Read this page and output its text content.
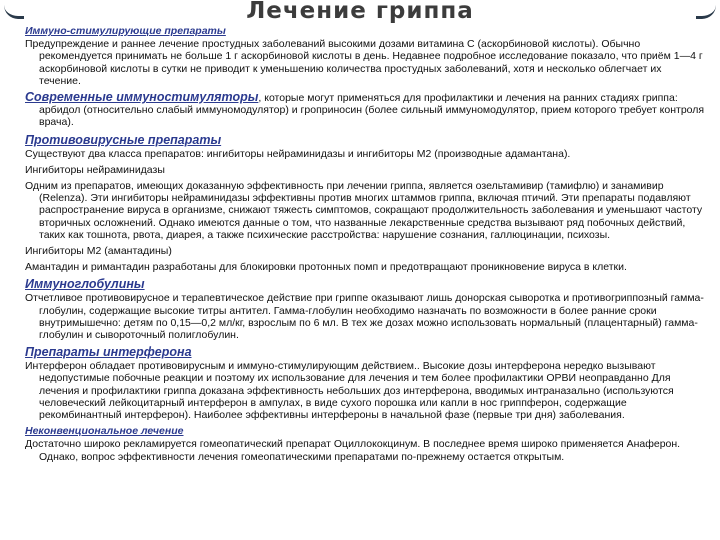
Лечение гриппа
Иммуно-стимулирующие препараты

Предупреждение и раннее лечение простудных заболеваний высокими дозами витамина С (аскорбиновой кислоты). Обычно рекомендуется принимать не больше 1 г аскорбиновой кислоты в день. Недавнее подробное исследование показало, что приём 1—4 г аскорбиновой кислоты в сутки не приводит к уменьшению количества простудных заболеваний, хотя и несколько облегчает их течение.

Современные иммуностимуляторы, которые могут применяться для профилактики и лечения на ранних стадиях гриппа: арбидол (относительно слабый иммуномодулятор) и гроприносин (более сильный иммуномодулятор, прием которого требует контроля врача).

Противовирусные препараты

Существуют два класса препаратов: ингибиторы нейраминидазы и ингибиторы М2 (производные адамантана).

Ингибиторы нейраминидазы

Одним из препаратов, имеющих доказанную эффективность при лечении гриппа, является озельтамивир (тамифлю) и занамивир (Relenza). Эти ингибиторы нейраминидазы эффективны против многих штаммов гриппа, включая птичий. Эти препараты подавляют распространение вируса в организме, снижают тяжесть симптомов, сокращают продолжительность заболевания и уменьшают частоту вторичных осложнений. Однако имеются данные о том, что названные лекарственные средства вызывают ряд побочных действий, таких как тошнота, рвота, диарея, а также психические расстройства: нарушение сознания, галлюцинации, психозы.

Ингибиторы М2 (амантадины)

Амантадин и римантадин разработаны для блокировки протонных помп и предотвращают проникновение вируса в клетки.

Иммуноглобулины

Отчетливое противовирусное и терапевтическое действие при гриппе оказывают лишь донорская сыворотка и противогриппозный гамма-глобулин, содержащие высокие титры антител. Гамма-глобулин необходимо назначать по возможности в более ранние сроки внутримышечно: детям по 0,15—0,2 мл/кг, взрослым по 6 мл. В тех же дозах можно использовать нормальный (плацентарный) гамма-глобулин и сывороточный полиглобулин.

Препараты интерферона

Интерферон обладает противовирусным и иммуно-стимулирующим действием.. Высокие дозы интерферона нередко вызывают недопустимые побочные реакции и поэтому их использование для лечения и тем более профилактики ОРВИ неоправданно Для лечения и профилактики гриппа доказана эффективность небольших доз интерферона, вводимых интраназально (используются человеческий лейкоцитарный интерферон в ампулах, в виде сухого порошка или капли в нос гриппферон, содержащие рекомбинантный интерферон). Наиболее эффективны интерфероны в начальной фазе (первые три дня) заболевания.

Неконвенциональное лечение

Достаточно широко рекламируется гомеопатический препарат Оциллококцинум. В последнее время широко применяется Анаферон. Однако, вопрос эффективности лечения гомеопатическими препаратами по-прежнему остается открытым.
